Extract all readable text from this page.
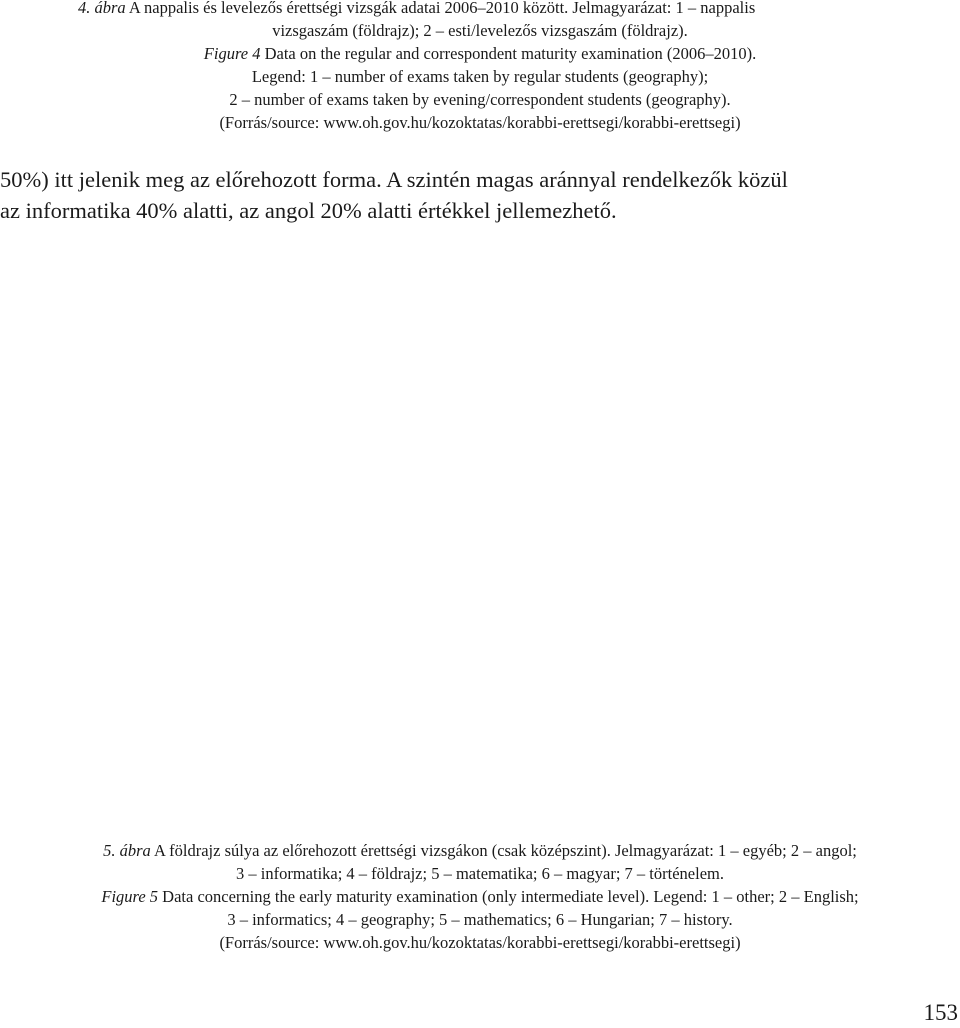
4. ábra A nappalis és levelezős érettségi vizsgák adatai 2006–2010 között. Jelmagyarázat: 1 – nappalis
vizsgaszám (földrajz); 2 – esti/levelezős vizsgaszám (földrajz).
Figure 4 Data on the regular and correspondent maturity examination (2006–2010).
Legend: 1 – number of exams taken by regular students (geography);
2 – number of exams taken by evening/correspondent students (geography).
(Forrás/source: www.oh.gov.hu/kozoktatas/korabbi-erettsegi/korabbi-erettsegi)
50%) itt jelenik meg az előrehozott forma. A szintén magas aránnyal rendelkezők közül
az informatika 40% alatti, az angol 20% alatti értékkel jellemezhető.
5. ábra A földrajz súlya az előrehozott érettségi vizsgákon (csak középszint). Jelmagyarázat: 1 – egyéb; 2 – angol;
3 – informatika; 4 – földrajz; 5 – matematika; 6 – magyar; 7 – történelem.
Figure 5 Data concerning the early maturity examination (only intermediate level). Legend: 1 – other; 2 – English;
3 – informatics; 4 – geography; 5 – mathematics; 6 – Hungarian; 7 – history.
(Forrás/source: www.oh.gov.hu/kozoktatas/korabbi-erettsegi/korabbi-erettsegi)
153
